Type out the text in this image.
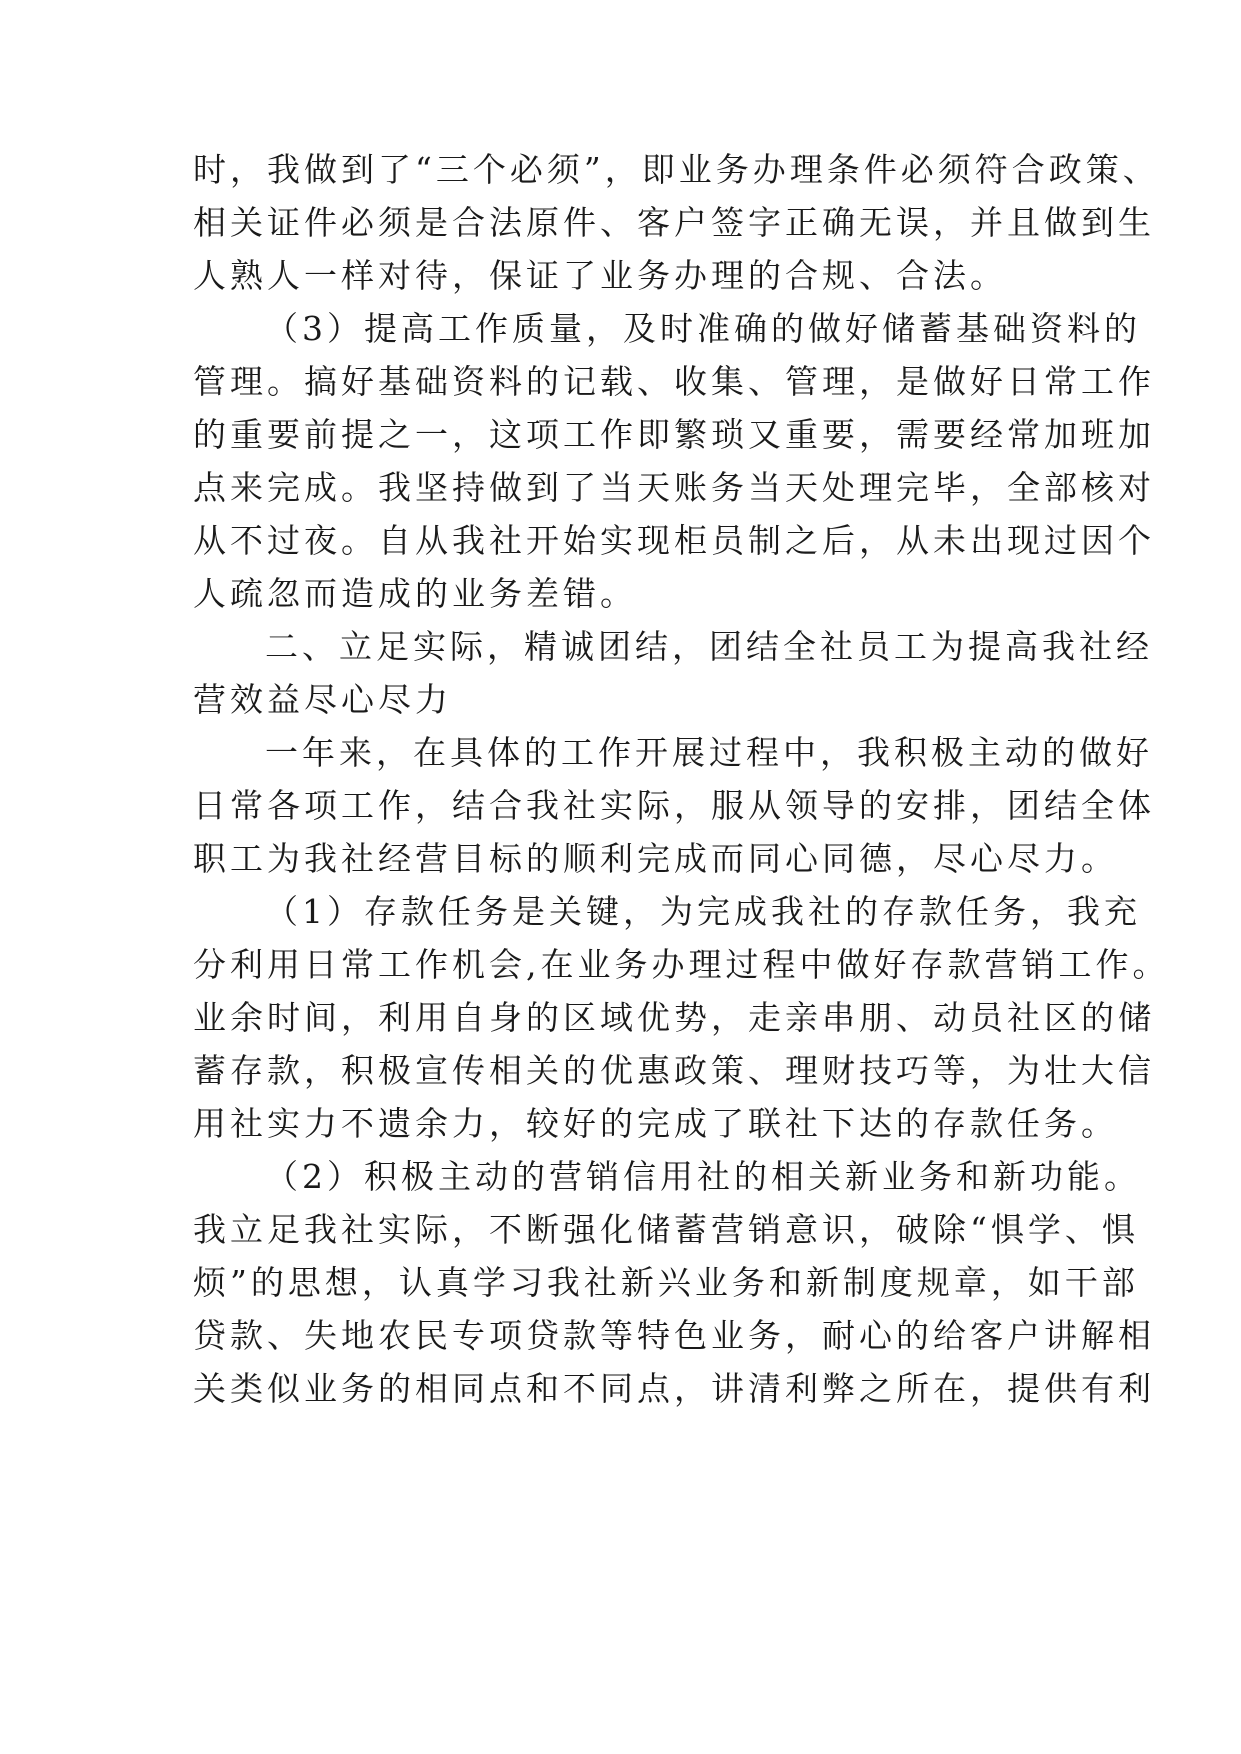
时，我做到了“三个必须”，即业务办理条件必须符合政策、
相关证件必须是合法原件、客户签字正确无误，并且做到生
人熟人一样对待，保证了业务办理的合规、合法。
（3）提高工作质量，及时准确的做好储蓄基础资料的
管理。搞好基础资料的记载、收集、管理，是做好日常工作
的重要前提之一，这项工作即繁琐又重要，需要经常加班加
点来完成。我坚持做到了当天账务当天处理完毕，全部核对
从不过夜。自从我社开始实现柜员制之后，从未出现过因个
人疏忽而造成的业务差错。
二、立足实际，精诚团结，团结全社员工为提高我社经
营效益尽心尽力
一年来，在具体的工作开展过程中，我积极主动的做好
日常各项工作，结合我社实际，服从领导的安排，团结全体
职工为我社经营目标的顺利完成而同心同德，尽心尽力。
（1）存款任务是关键，为完成我社的存款任务，我充
分利用日常工作机会,在业务办理过程中做好存款营销工作。
业余时间，利用自身的区域优势，走亲串朋、动员社区的储
蓄存款，积极宣传相关的优惠政策、理财技巧等，为壮大信
用社实力不遗余力，较好的完成了联社下达的存款任务。
（2）积极主动的营销信用社的相关新业务和新功能。
我立足我社实际，不断强化储蓄营销意识，破除“惧学、惧
烦”的思想，认真学习我社新兴业务和新制度规章，如干部
贷款、失地农民专项贷款等特色业务，耐心的给客户讲解相
关类似业务的相同点和不同点，讲清利弊之所在，提供有利
